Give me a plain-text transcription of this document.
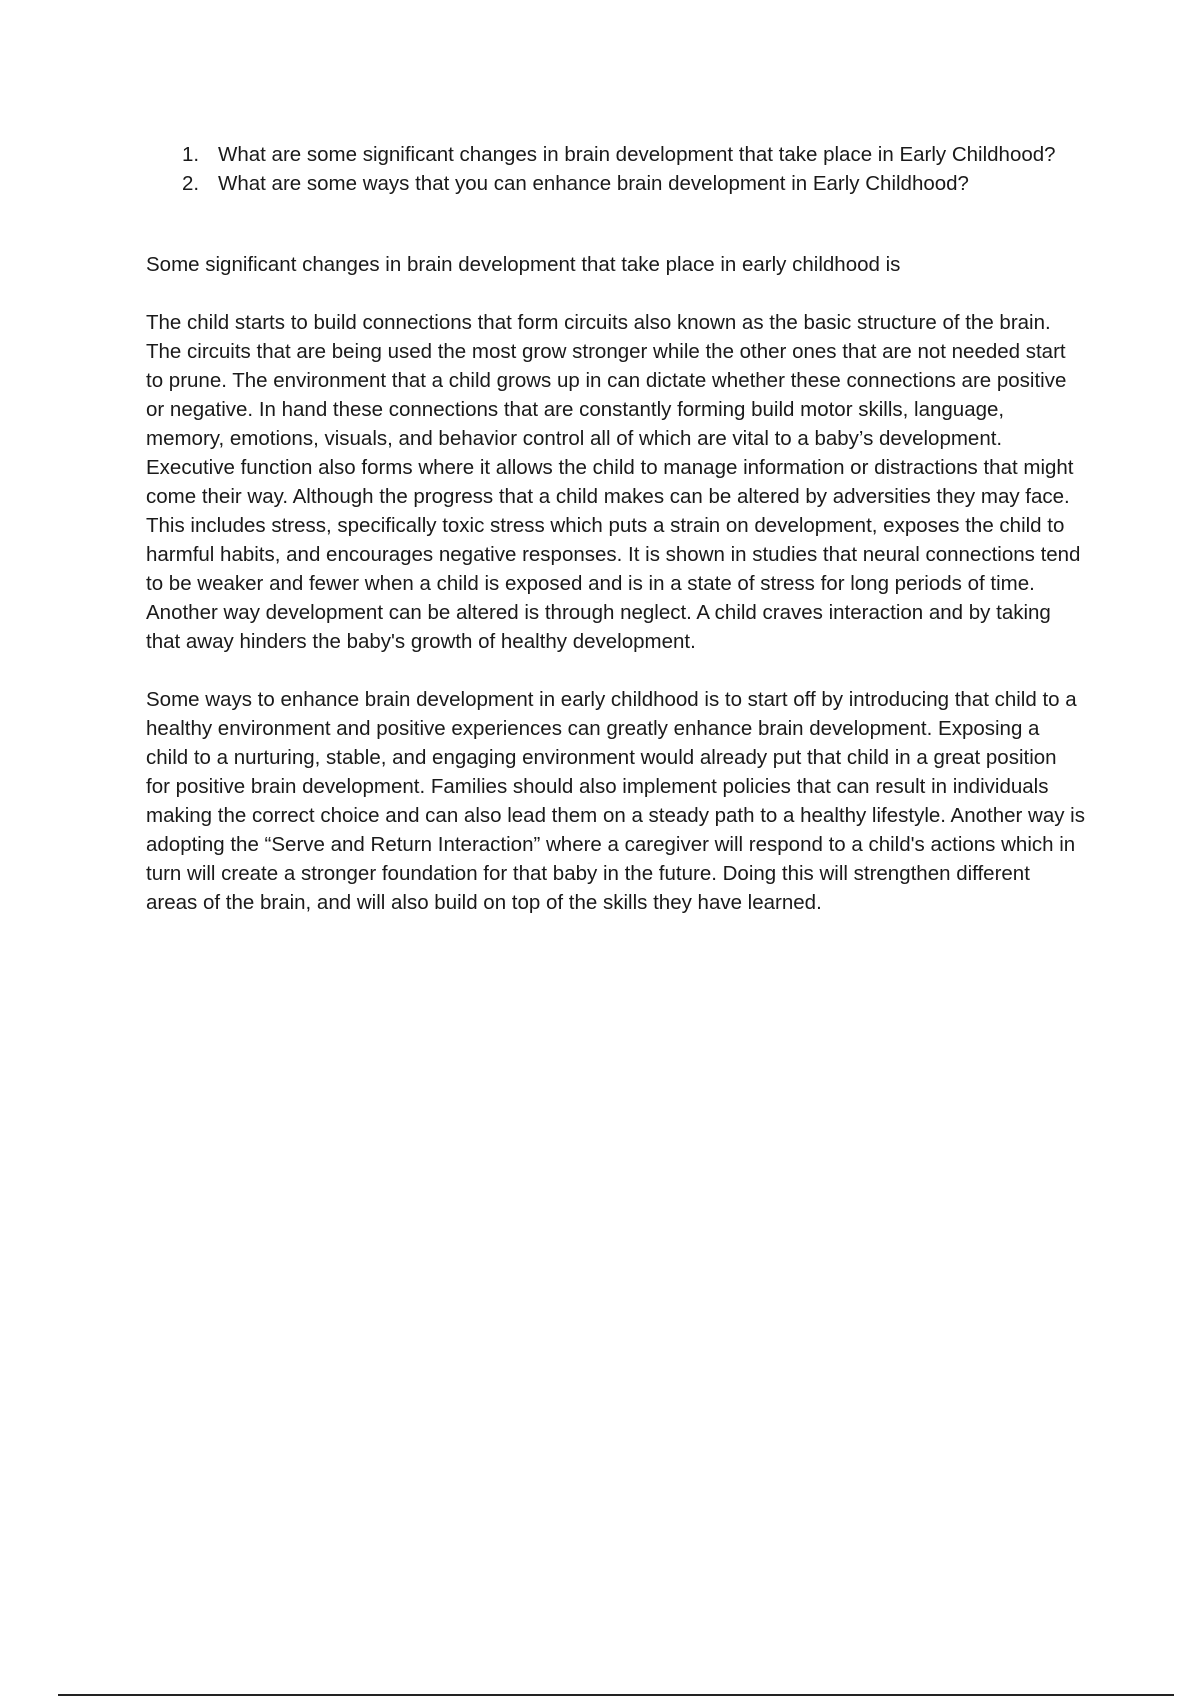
What are some significant changes in brain development that take place in Early Childhood?
What are some ways that you can enhance brain development in Early Childhood?

Some significant changes in brain development that take place in early childhood is

The child starts to build connections that form circuits also known as the basic structure of the brain. The circuits that are being used the most grow stronger while the other ones that are not needed start to prune. The environment that a child grows up in can dictate whether these connections are positive or negative. In hand these connections that are constantly forming build motor skills, language, memory, emotions, visuals, and behavior control all of which are vital to a baby’s development. Executive function also forms where it allows the child to manage information or distractions that might come their way. Although the progress that a child makes can be altered by adversities they may face. This includes stress, specifically toxic stress which puts a strain on development, exposes the child to harmful habits, and encourages negative responses. It is shown in studies that neural connections tend to be weaker and fewer when a child is exposed and is in a state of stress for long periods of time. Another way development can be altered is through neglect. A child craves interaction and by taking that away hinders the baby's growth of healthy development.

Some ways to enhance brain development in early childhood is to start off by introducing that child to a healthy environment and positive experiences can greatly enhance brain development. Exposing a child to a nurturing, stable, and engaging environment would already put that child in a great position for positive brain development. Families should also implement policies that can result in individuals making the correct choice and can also lead them on a steady path to a healthy lifestyle. Another way is adopting the “Serve and Return Interaction” where a caregiver will respond to a child's actions which in turn will create a stronger foundation for that baby in the future. Doing this will strengthen different areas of the brain, and will also build on top of the skills they have learned.
